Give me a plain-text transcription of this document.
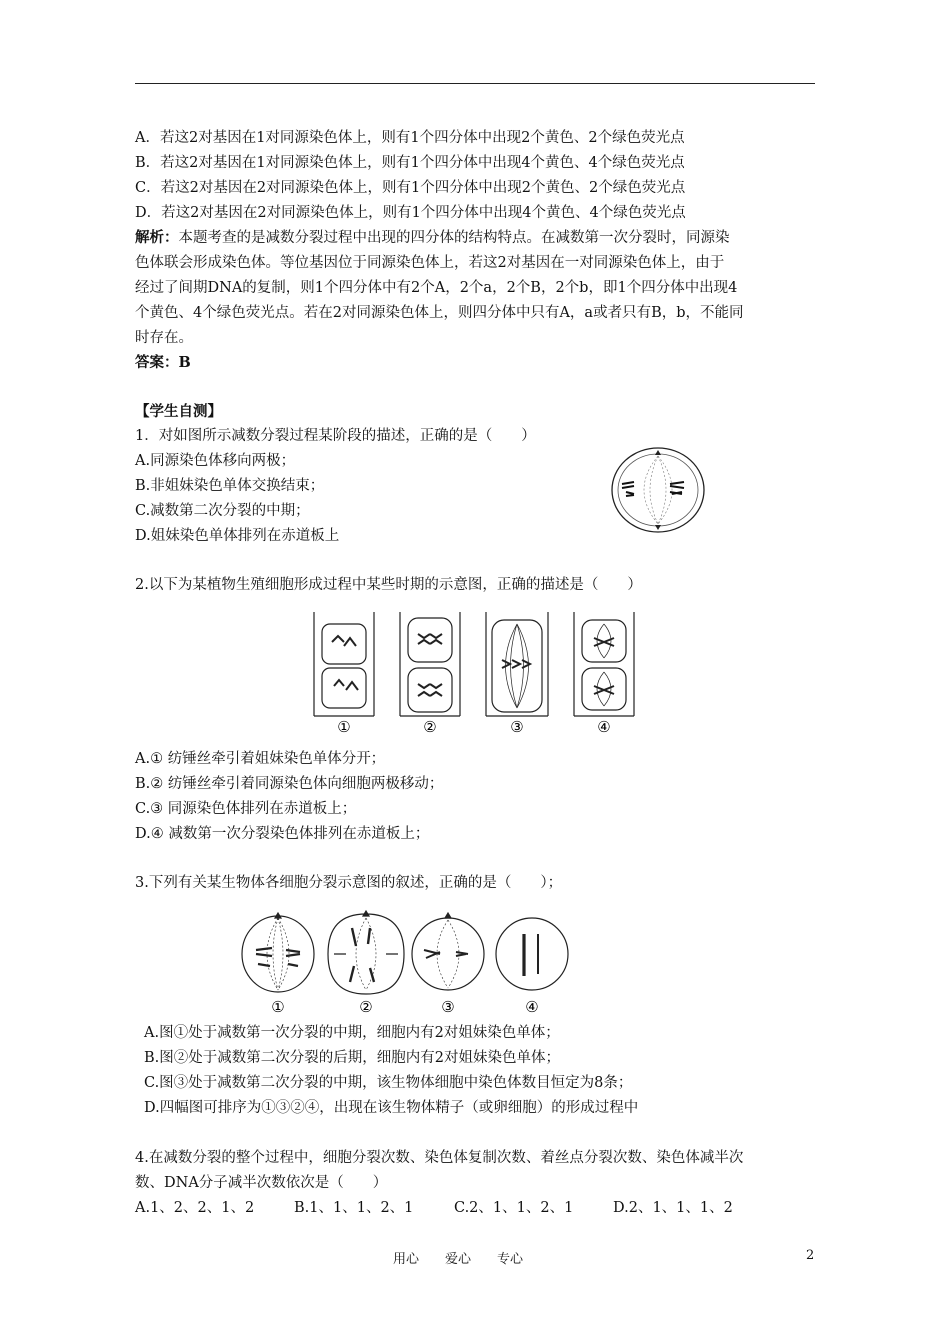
A．若这2对基因在1对同源染色体上，则有1个四分体中出现2个黄色、2个绿色荧光点
B．若这2对基因在1对同源染色体上，则有1个四分体中出现4个黄色、4个绿色荧光点
C．若这2对基因在2对同源染色体上，则有1个四分体中出现2个黄色、2个绿色荧光点
D．若这2对基因在2对同源染色体上，则有1个四分体中出现4个黄色、4个绿色荧光点
解析：本题考查的是减数分裂过程中出现的四分体的结构特点。在减数第一次分裂时，同源染
色体联会形成染色体。等位基因位于同源染色体上，若这2对基因在一对同源染色体上，由于
经过了间期DNA的复制，则1个四分体中有2个A，2个a，2个B，2个b，即1个四分体中出现4
个黄色、4个绿色荧光点。若在2对同源染色体上，则四分体中只有A，a或者只有B，b，不能同
时存在。
答案：B
【学生自测】
1．对如图所示减数分裂过程某阶段的描述，正确的是（　　）
A.同源染色体移向两极；
B.非姐妹染色单体交换结束；
C.减数第二次分裂的中期；
D.姐妹染色单体排列在赤道板上
2.以下为某植物生殖细胞形成过程中某些时期的示意图，正确的描述是（　　）
①	②	③	④
A.① 纺锤丝牵引着姐妹染色单体分开；
B.② 纺锤丝牵引着同源染色体向细胞两极移动；
C.③ 同源染色体排列在赤道板上；
D.④ 减数第一次分裂染色体排列在赤道板上；
3.下列有关某生物体各细胞分裂示意图的叙述，正确的是（　　）；
①	②	③	④
A.图①处于减数第一次分裂的中期，细胞内有2对姐妹染色单体；
B.图②处于减数第二次分裂的后期，细胞内有2对姐妹染色单体；
C.图③处于减数第二次分裂的中期，该生物体细胞中染色体数目恒定为8条；
D.四幅图可排序为①③②④，出现在该生物体精子（或卵细胞）的形成过程中
4.在减数分裂的整个过程中，细胞分裂次数、染色体复制次数、着丝点分裂次数、染色体减半次
数、DNA分子减半次数依次是（　　）
A.1、2、2、1、2	B.1、1、1、2、1	C.2、1、1、2、1	D.2、1、1、1、2
用心　　爱心　　专心	2
